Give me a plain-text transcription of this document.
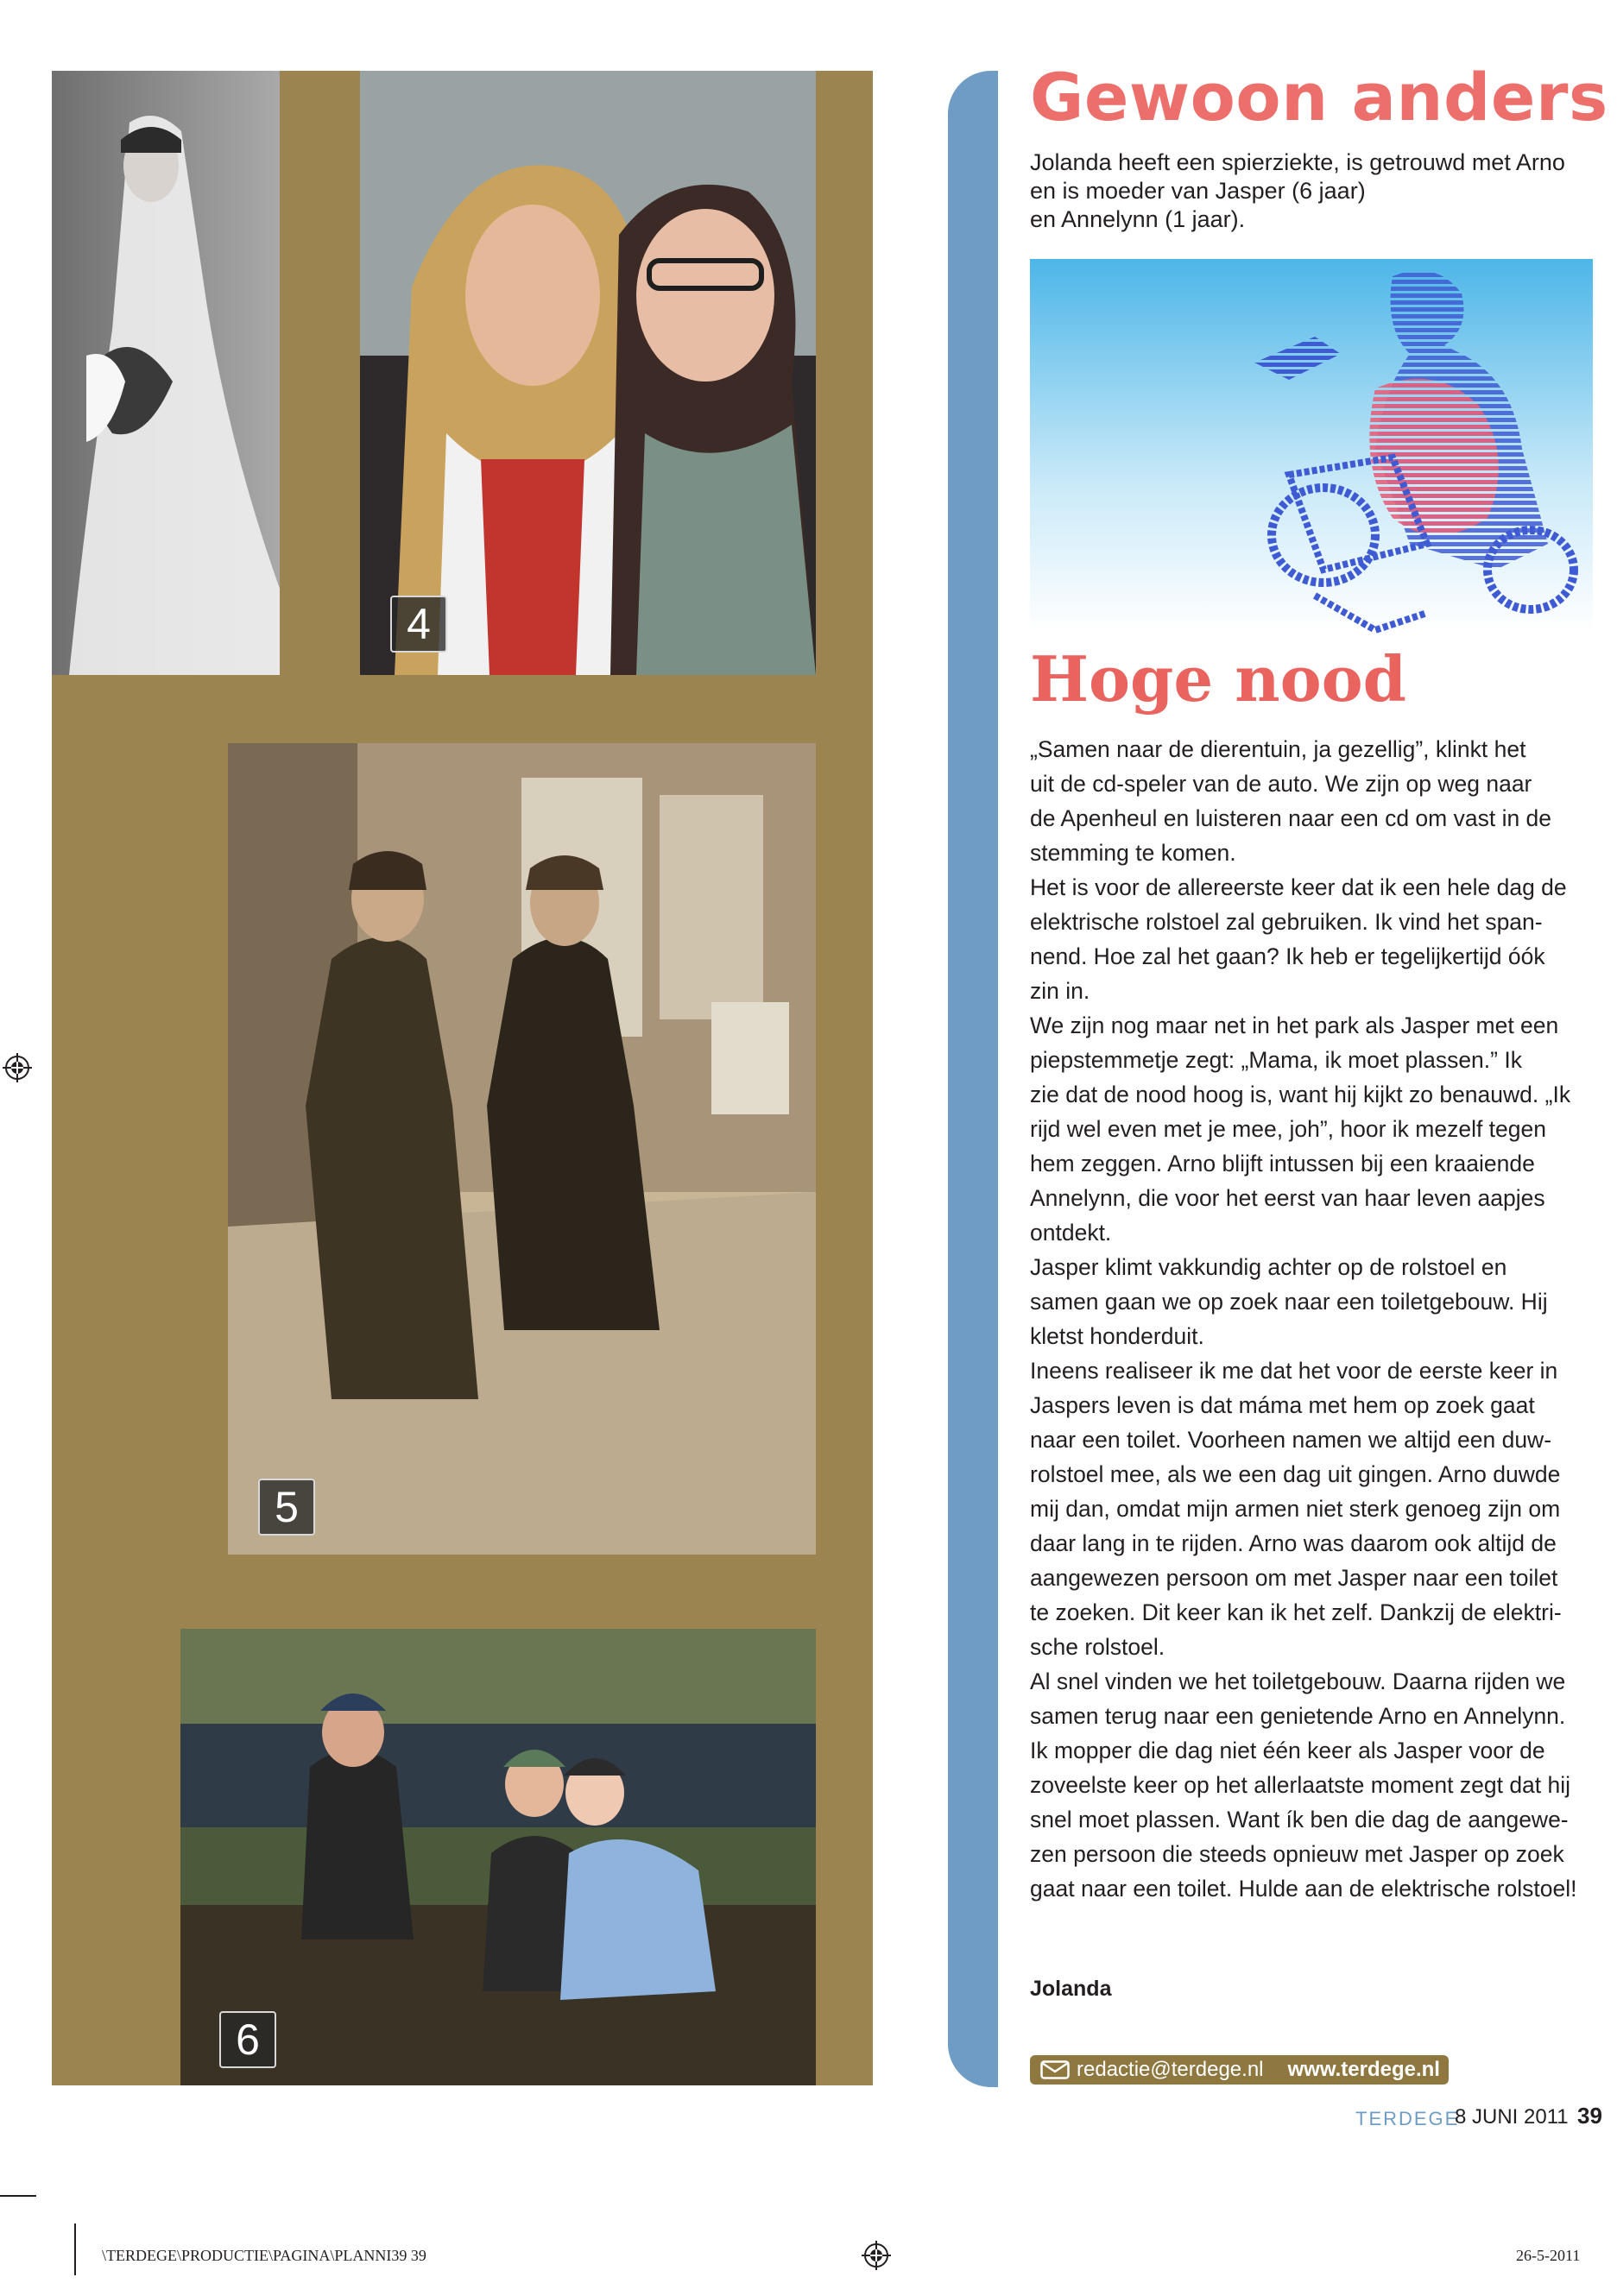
4
5
6
Gewoon anders
Jolanda heeft een spierziekte, is getrouwd met Arno
en is moeder van Jasper (6 jaar)
en Annelynn (1 jaar).
Hoge nood
„Samen naar de dierentuin, ja gezellig”, klinkt het
uit de cd-speler van de auto. We zijn op weg naar
de Apenheul en luisteren naar een cd om vast in de
stemming te komen.
Het is voor de allereerste keer dat ik een hele dag de
elektrische rolstoel zal gebruiken. Ik vind het span-
nend. Hoe zal het gaan? Ik heb er tegelijkertijd óók
zin in.
We zijn nog maar net in het park als Jasper met een
piepstemmetje zegt: „Mama, ik moet plassen.” Ik
zie dat de nood hoog is, want hij kijkt zo benauwd. „Ik
rijd wel even met je mee, joh”, hoor ik mezelf tegen
hem zeggen. Arno blijft intussen bij een kraaiende
Annelynn, die voor het eerst van haar leven aapjes
ontdekt.
Jasper klimt vakkundig achter op de rolstoel en
samen gaan we op zoek naar een toiletgebouw. Hij
kletst honderduit.
Ineens realiseer ik me dat het voor de eerste keer in
Jaspers leven is dat máma met hem op zoek gaat
naar een toilet. Voorheen namen we altijd een duw-
rolstoel mee, als we een dag uit gingen. Arno duwde
mij dan, omdat mijn armen niet sterk genoeg zijn om
daar lang in te rijden. Arno was daarom ook altijd de
aangewezen persoon om met Jasper naar een toilet
te zoeken. Dit keer kan ik het zelf. Dankzij de elektri-
sche rolstoel.
Al snel vinden we het toiletgebouw. Daarna rijden we
samen terug naar een genietende Arno en Annelynn.
Ik mopper die dag niet één keer als Jasper voor de
zoveelste keer op het allerlaatste moment zegt dat hij
snel moet plassen. Want ík ben die dag de aangewe-
zen persoon die steeds opnieuw met Jasper op zoek
gaat naar een toilet. Hulde aan de elektrische rolstoel!
Jolanda
redactie@terdege.nl www.terdege.nl
TERDEGE
8 JUNI 2011 39
\TERDEGE\PRODUCTIE\PAGINA\PLANNI39 39	26-5-2011
